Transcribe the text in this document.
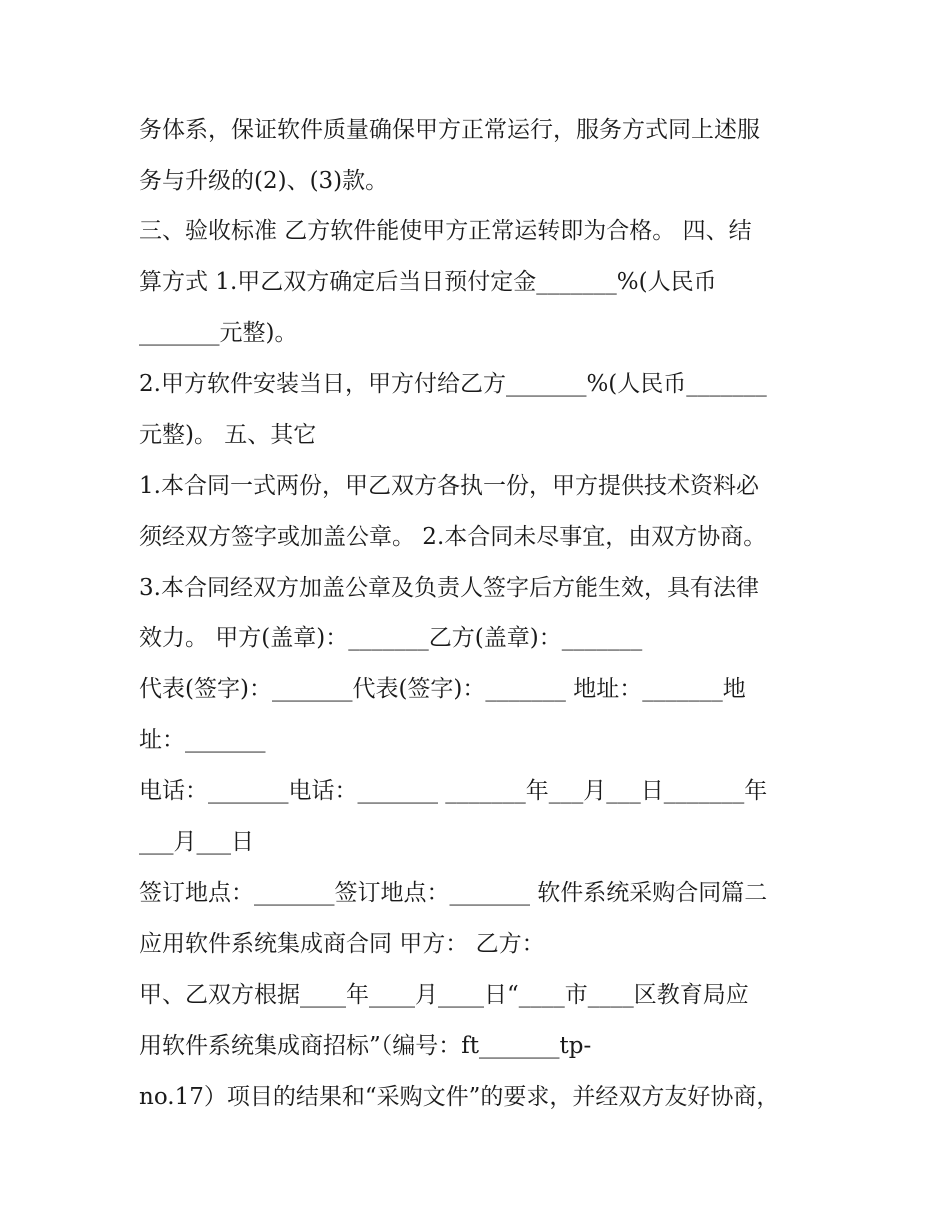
务体系，保证软件质量确保甲方正常运行，服务方式同上述服
务与升级的(2)、(3)款。
三、验收标准 乙方软件能使甲方正常运转即为合格。 四、结
算方式 1.甲乙双方确定后当日预付定金_______%(人民币
_______元整)。
2.甲方软件安装当日，甲方付给乙方_______%(人民币_______
元整)。 五、其它
1.本合同一式两份，甲乙双方各执一份，甲方提供技术资料必
须经双方签字或加盖公章。 2.本合同未尽事宜，由双方协商。
3.本合同经双方加盖公章及负责人签字后方能生效，具有法律
效力。 甲方(盖章)：_______乙方(盖章)：_______
代表(签字)：_______代表(签字)：_______ 地址：_______地
址：_______
电话：_______电话：_______ _______年___月___日_______年
___月___日
签订地点：_______签订地点：_______ 软件系统采购合同篇二
应用软件系统集成商合同 甲方： 乙方：
甲、乙双方根据____年____月____日“____市____区教育局应
用软件系统集成商招标”（编号：ft_______tp-
no.17）项目的结果和“采购文件”的要求，并经双方友好协商，
